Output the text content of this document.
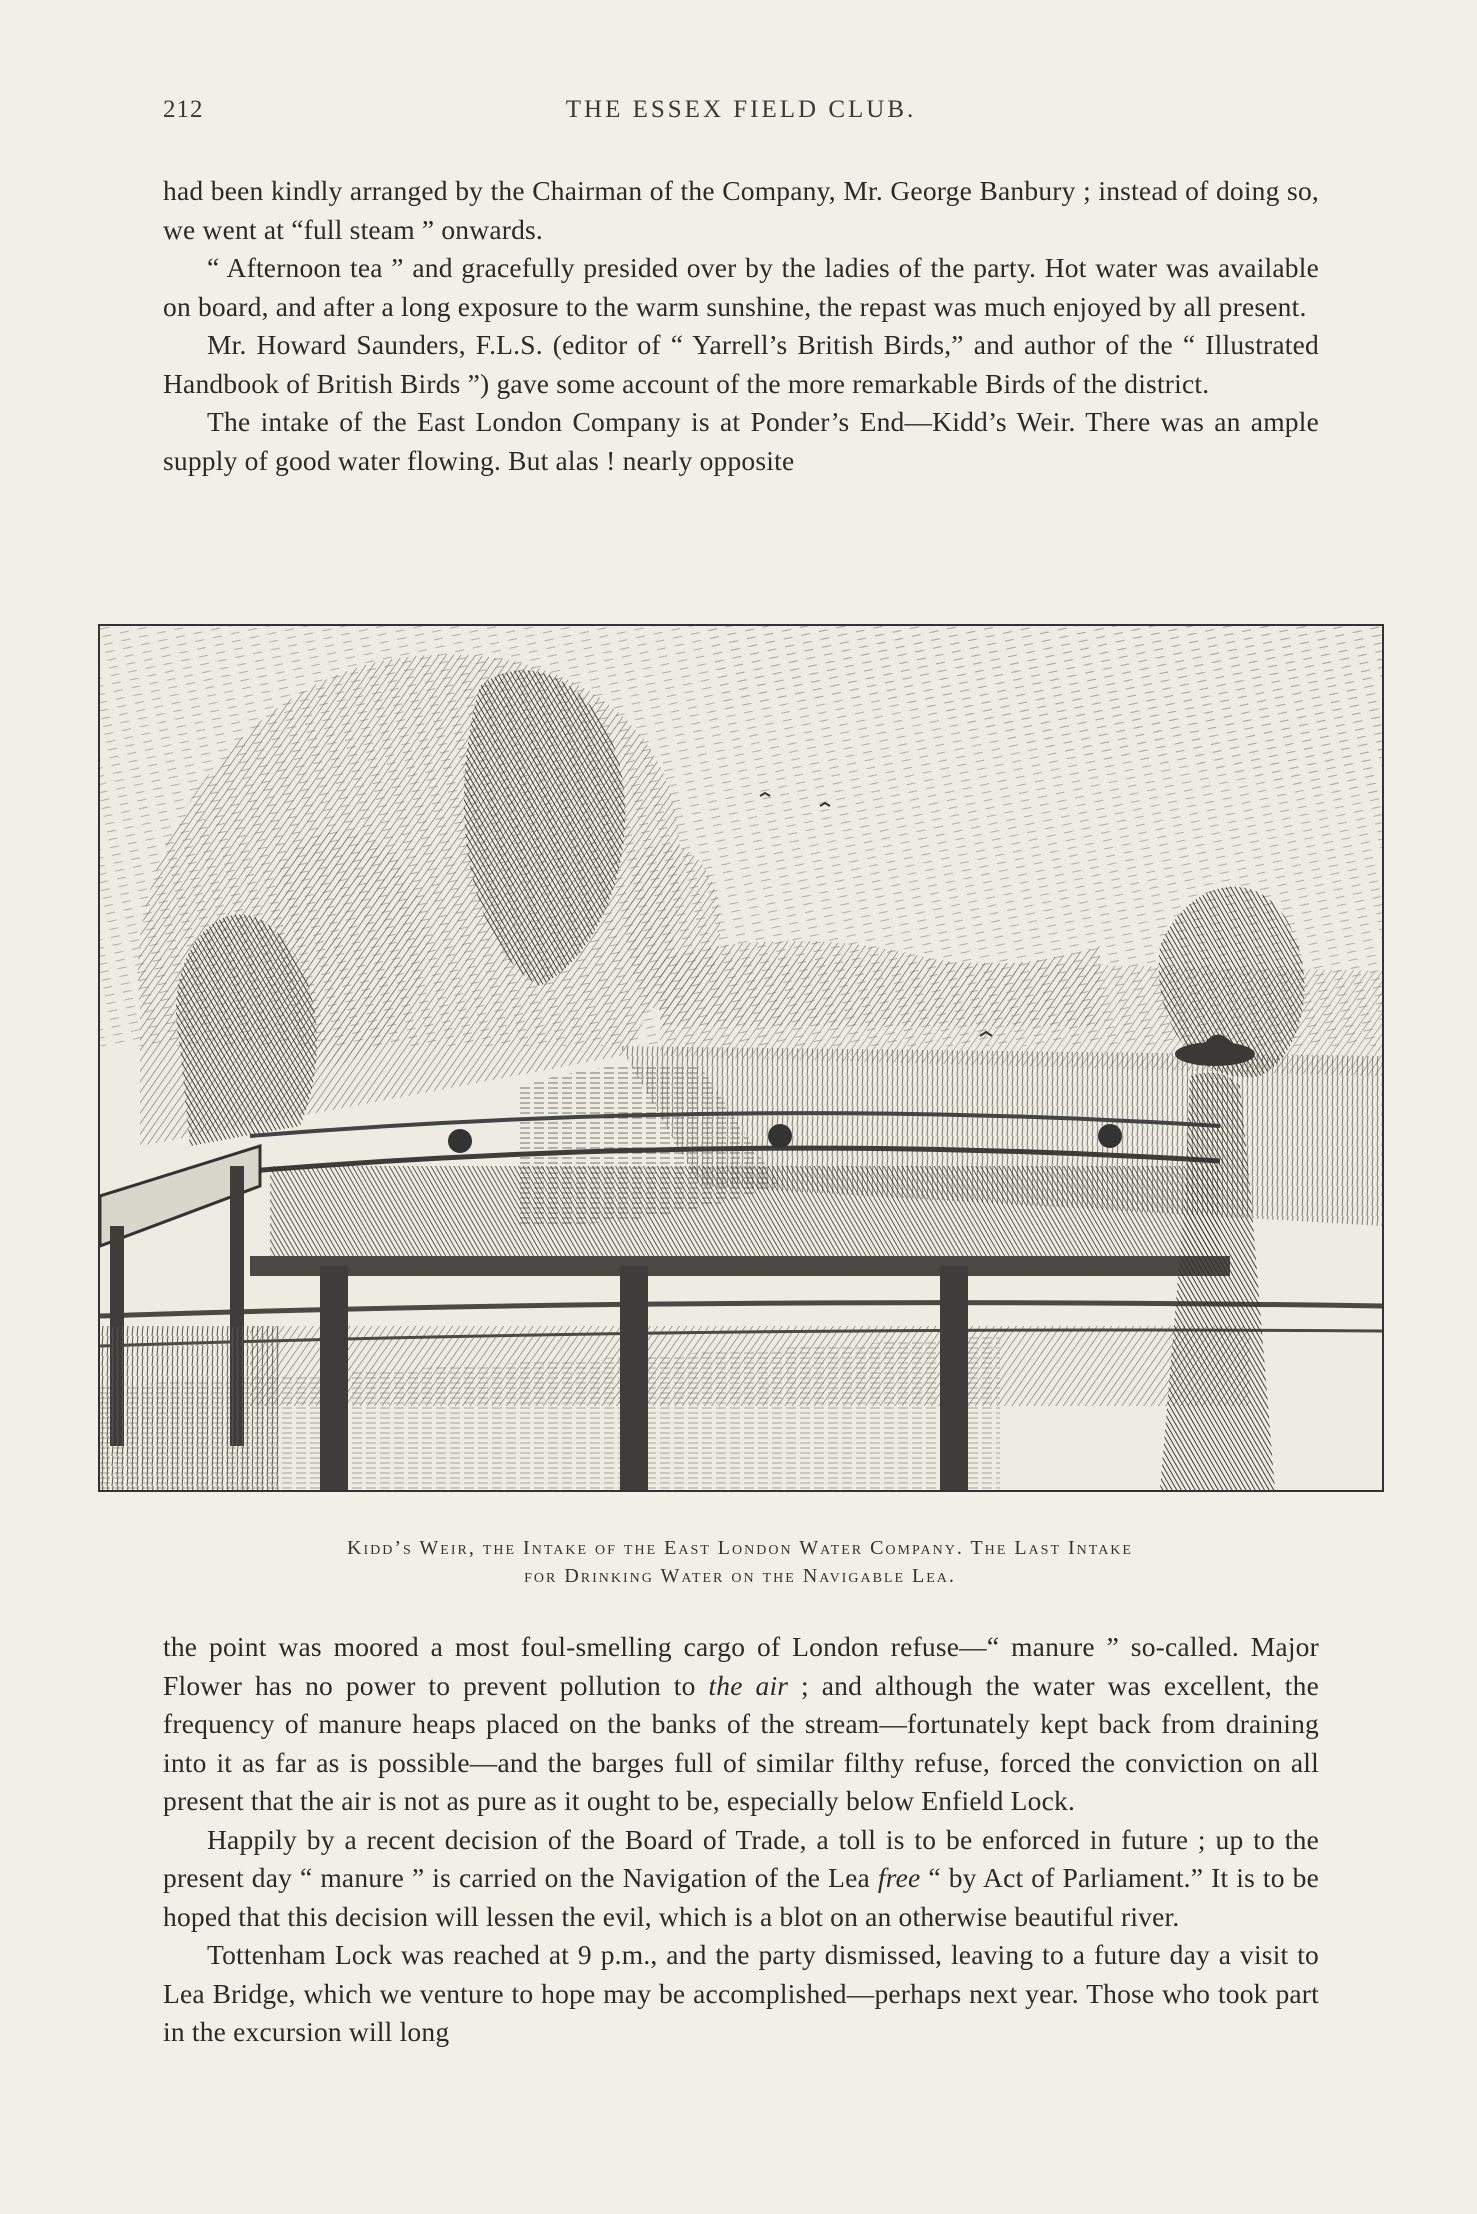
212	THE ESSEX FIELD CLUB.

had been kindly arranged by the Chairman of the Company, Mr. George Banbury ; instead of doing so, we went at “full steam ” onwards.

“ Afternoon tea ” and gracefully presided over by the ladies of the party. Hot water was available on board, and after a long exposure to the warm sunshine, the repast was much enjoyed by all present.

Mr. Howard Saunders, F.L.S. (editor of “ Yarrell’s British Birds,” and author of the “ Illustrated Handbook of British Birds ”) gave some account of the more remarkable Birds of the district.

The intake of the East London Company is at Ponder’s End—Kidd’s Weir. There was an ample supply of good water flowing. But alas ! nearly opposite

Kidd’s Weir, the Intake of the East London Water Company. The Last Intake
for Drinking Water on the Navigable Lea.

the point was moored a most foul-smelling cargo of London refuse—“ manure ” so-called. Major Flower has no power to prevent pollution to the air ; and although the water was excellent, the frequency of manure heaps placed on the banks of the stream—fortunately kept back from draining into it as far as is possible—and the barges full of similar filthy refuse, forced the conviction on all present that the air is not as pure as it ought to be, especially below Enfield Lock.

Happily by a recent decision of the Board of Trade, a toll is to be enforced in future ; up to the present day “ manure ” is carried on the Navigation of the Lea free “ by Act of Parliament.” It is to be hoped that this decision will lessen the evil, which is a blot on an otherwise beautiful river.

Tottenham Lock was reached at 9 p.m., and the party dismissed, leaving to a future day a visit to Lea Bridge, which we venture to hope may be accomplished—perhaps next year. Those who took part in the excursion will long
